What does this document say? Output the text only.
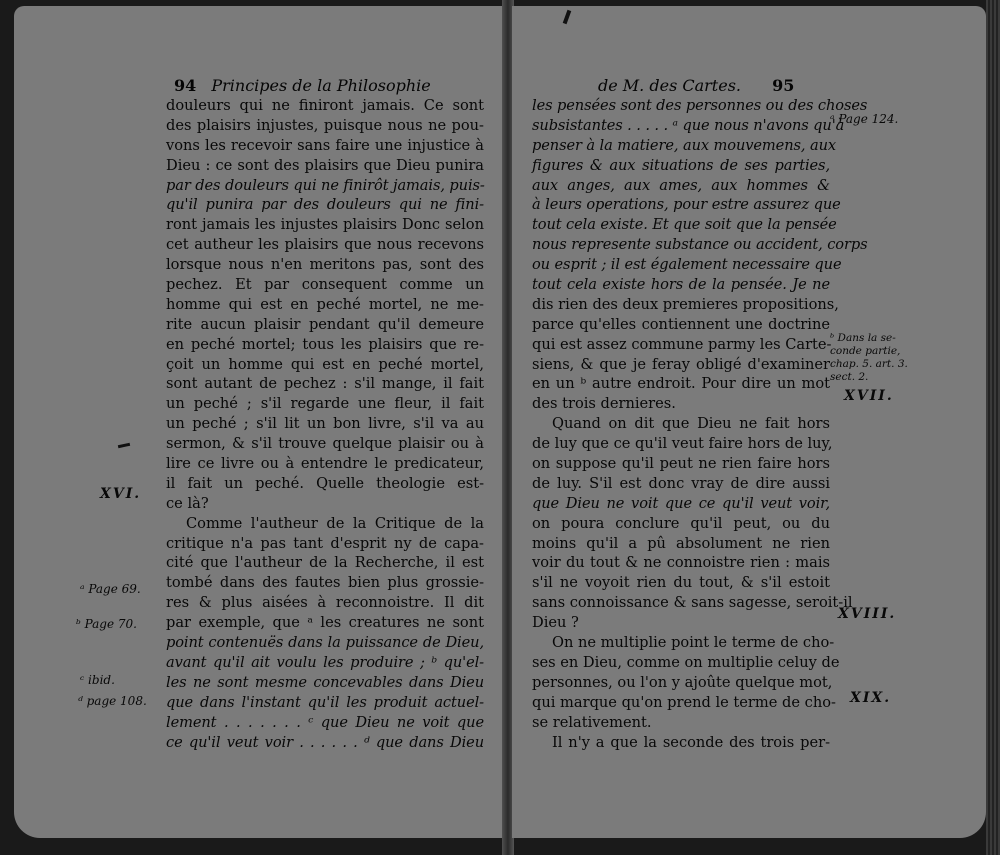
94 Principes de la Philosophie
douleurs qui ne finiront jamais. Ce sont
des plaisirs injustes, puisque nous ne pou-
vons les recevoir sans faire une injustice à
Dieu : ce sont des plaisirs que Dieu punira
par des douleurs qui ne finirôt jamais, puis-
qu'il punira par des douleurs qui ne fini-
ront jamais les injustes plaisirs Donc selon
cet autheur les plaisirs que nous recevons
lorsque nous n'en meritons pas, sont des
pechez. Et par consequent comme un
homme qui est en peché mortel, ne me-
rite aucun plaisir pendant qu'il demeure
en peché mortel; tous les plaisirs que re-
çoit un homme qui est en peché mortel,
sont autant de pechez : s'il mange, il fait
un peché ; s'il regarde une fleur, il fait
un peché ; s'il lit un bon livre, s'il va au
sermon, & s'il trouve quelque plaisir ou à
lire ce livre ou à entendre le predicateur,
il fait un peché. Quelle theologie est-
ce là?
Comme l'autheur de la Critique de la
critique n'a pas tant d'esprit ny de capa-
cité que l'autheur de la Recherche, il est
tombé dans des fautes bien plus grossie-
res & plus aisées à reconnoistre. Il dit
par exemple, que ᵃ les creatures ne sont
point contenuës dans la puissance de Dieu,
avant qu'il ait voulu les produire ; ᵇ qu'el-
les ne sont mesme concevables dans Dieu
que dans l'instant qu'il les produit actuel-
lement . . . . . . . ᶜ que Dieu ne voit que
ce qu'il veut voir . . . . . . ᵈ que dans Dieu
XVI.
ᵃ Page 69.
ᵇ Page 70.
ᶜ ibid.
ᵈ page 108.
de M. des Cartes. 95
les pensées sont des personnes ou des choses
subsistantes . . . . . ᵃ que nous n'avons qu'à
penser à la matiere, aux mouvemens, aux
figures & aux situations de ses parties,
aux anges, aux ames, aux hommes &
à leurs operations, pour estre assurez que
tout cela existe. Et que soit que la pensée
nous represente substance ou accident, corps
ou esprit ; il est également necessaire que
tout cela existe hors de la pensée. Je ne
dis rien des deux premieres propositions,
parce qu'elles contiennent une doctrine
qui est assez commune parmy les Carte-
siens, & que je feray obligé d'examiner
en un ᵇ autre endroit. Pour dire un mot
des trois dernieres.
Quand on dit que Dieu ne fait hors
de luy que ce qu'il veut faire hors de luy,
on suppose qu'il peut ne rien faire hors
de luy. S'il est donc vray de dire aussi
que Dieu ne voit que ce qu'il veut voir,
on poura conclure qu'il peut, ou du
moins qu'il a pû absolument ne rien
voir du tout & ne connoistre rien : mais
s'il ne voyoit rien du tout, & s'il estoit
sans connoissance & sans sagesse, seroit-il
Dieu ?
On ne multiplie point le terme de cho-
ses en Dieu, comme on multiplie celuy de
personnes, ou l'on y ajoûte quelque mot,
qui marque qu'on prend le terme de cho-
se relativement.
Il n'y a que la seconde des trois per-
ᵃ Page 124.
ᵇ Dans la se-
conde partie,
chap. 5. art. 3.
sect. 2.
XVII.
XVIII.
XIX.
